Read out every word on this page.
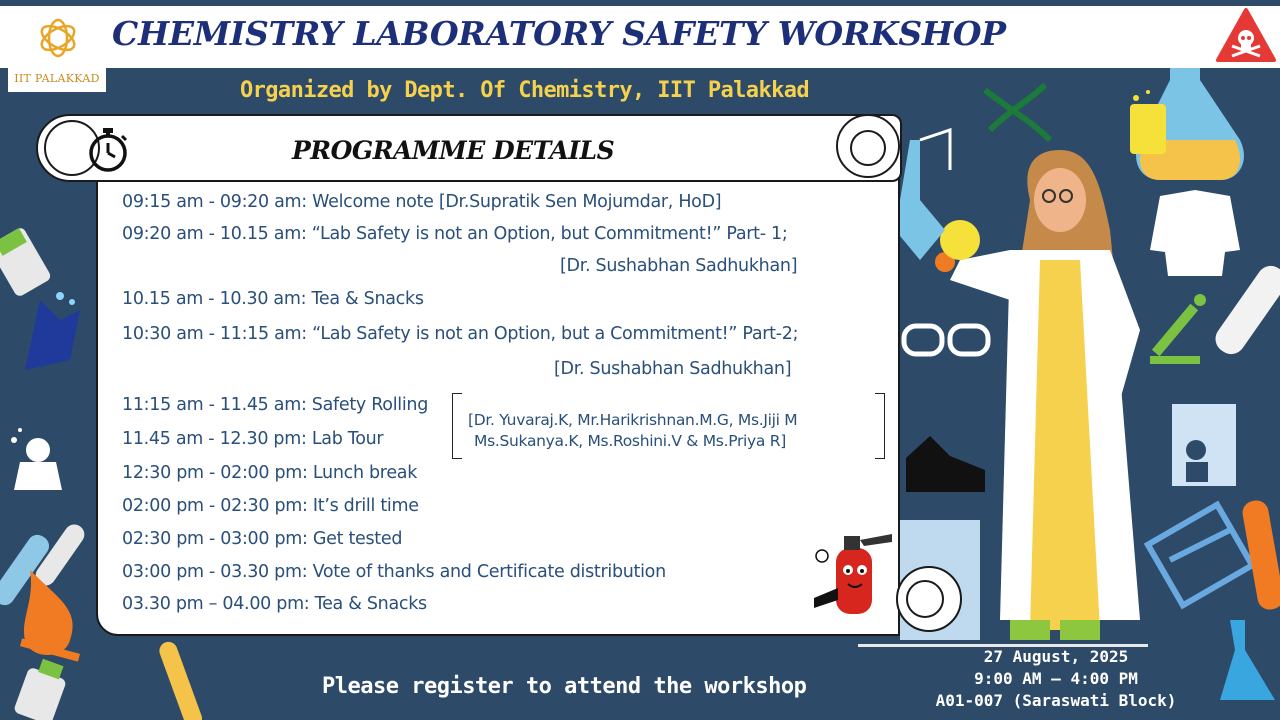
IIT PALAKKAD
CHEMISTRY LABORATORY SAFETY WORKSHOP
Organized by Dept. Of Chemistry, IIT Palakkad
PROGRAMME DETAILS
09:15 am - 09:20 am: Welcome note [Dr.Supratik Sen Mojumdar, HoD]
09:20 am - 10.15 am: “Lab Safety is not an Option, but Commitment!” Part- 1;
[Dr. Sushabhan Sadhukhan]
10.15 am - 10.30 am: Tea & Snacks
10:30 am - 11:15 am: “Lab Safety is not an Option, but a Commitment!” Part-2;
[Dr. Sushabhan Sadhukhan]
11:15 am - 11.45 am: Safety Rolling
11.45 am - 12.30 pm: Lab Tour
12:30 pm - 02:00 pm: Lunch break
02:00 pm - 02:30 pm: It’s drill time
02:30 pm - 03:00 pm: Get tested
03:00 pm - 03.30 pm: Vote of thanks and Certificate distribution
03.30 pm – 04.00 pm: Tea & Snacks
[Dr. Yuvaraj.K, Mr.Harikrishnan.M.G, Ms.Jiji M
Ms.Sukanya.K, Ms.Roshini.V & Ms.Priya R]
Please register to attend the workshop
27 August, 2025
9:00 AM – 4:00 PM
A01-007 (Saraswati Block)
